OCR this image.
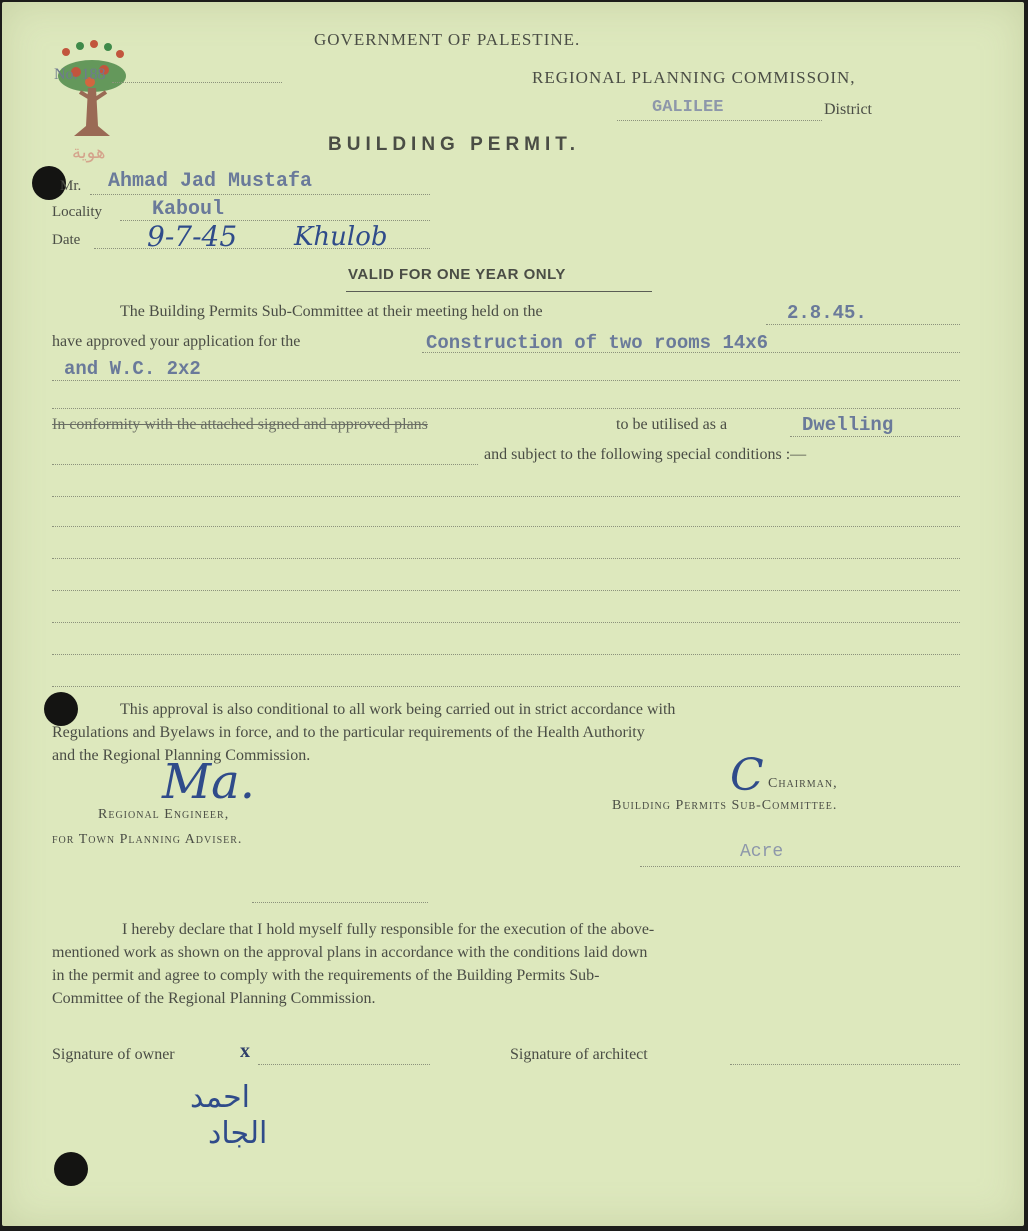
هوية
GOVERNMENT OF PALESTINE.
No. 188	REGIONAL PLANNING COMMISSOIN,
GALILEE	District
BUILDING PERMIT.
Mr. Ahmad Jad Mustafa
Locality	Kaboul
Date 9-7-45 Khulob
VALID FOR ONE YEAR ONLY
The Building Permits Sub-Committee at their meeting held on the	2.8.45.
have approved your application for the	Construction of two rooms 14x6
and W.C. 2x2
In conformity with the attached signed and approved plans	to be utilised as a	Dwelling
and subject to the following special conditions :—
This approval is also conditional to all work being carried out in strict accordance with
Regulations and Byelaws in force, and to the particular requirements of the Health Authority
and the Regional Planning Commission.
Ma.
Regional Engineer,
for Town Planning Adviser.
C Chairman,
Building Permits Sub-Committee.
Acre
I hereby declare that I hold myself fully responsible for the execution of the above-
mentioned work as shown on the approval plans in accordance with the conditions laid down
in the permit and agree to comply with the requirements of the Building Permits Sub-
Committee of the Regional Planning Commission.
Signature of owner	x	Signature of architect
احمد
الجاد
